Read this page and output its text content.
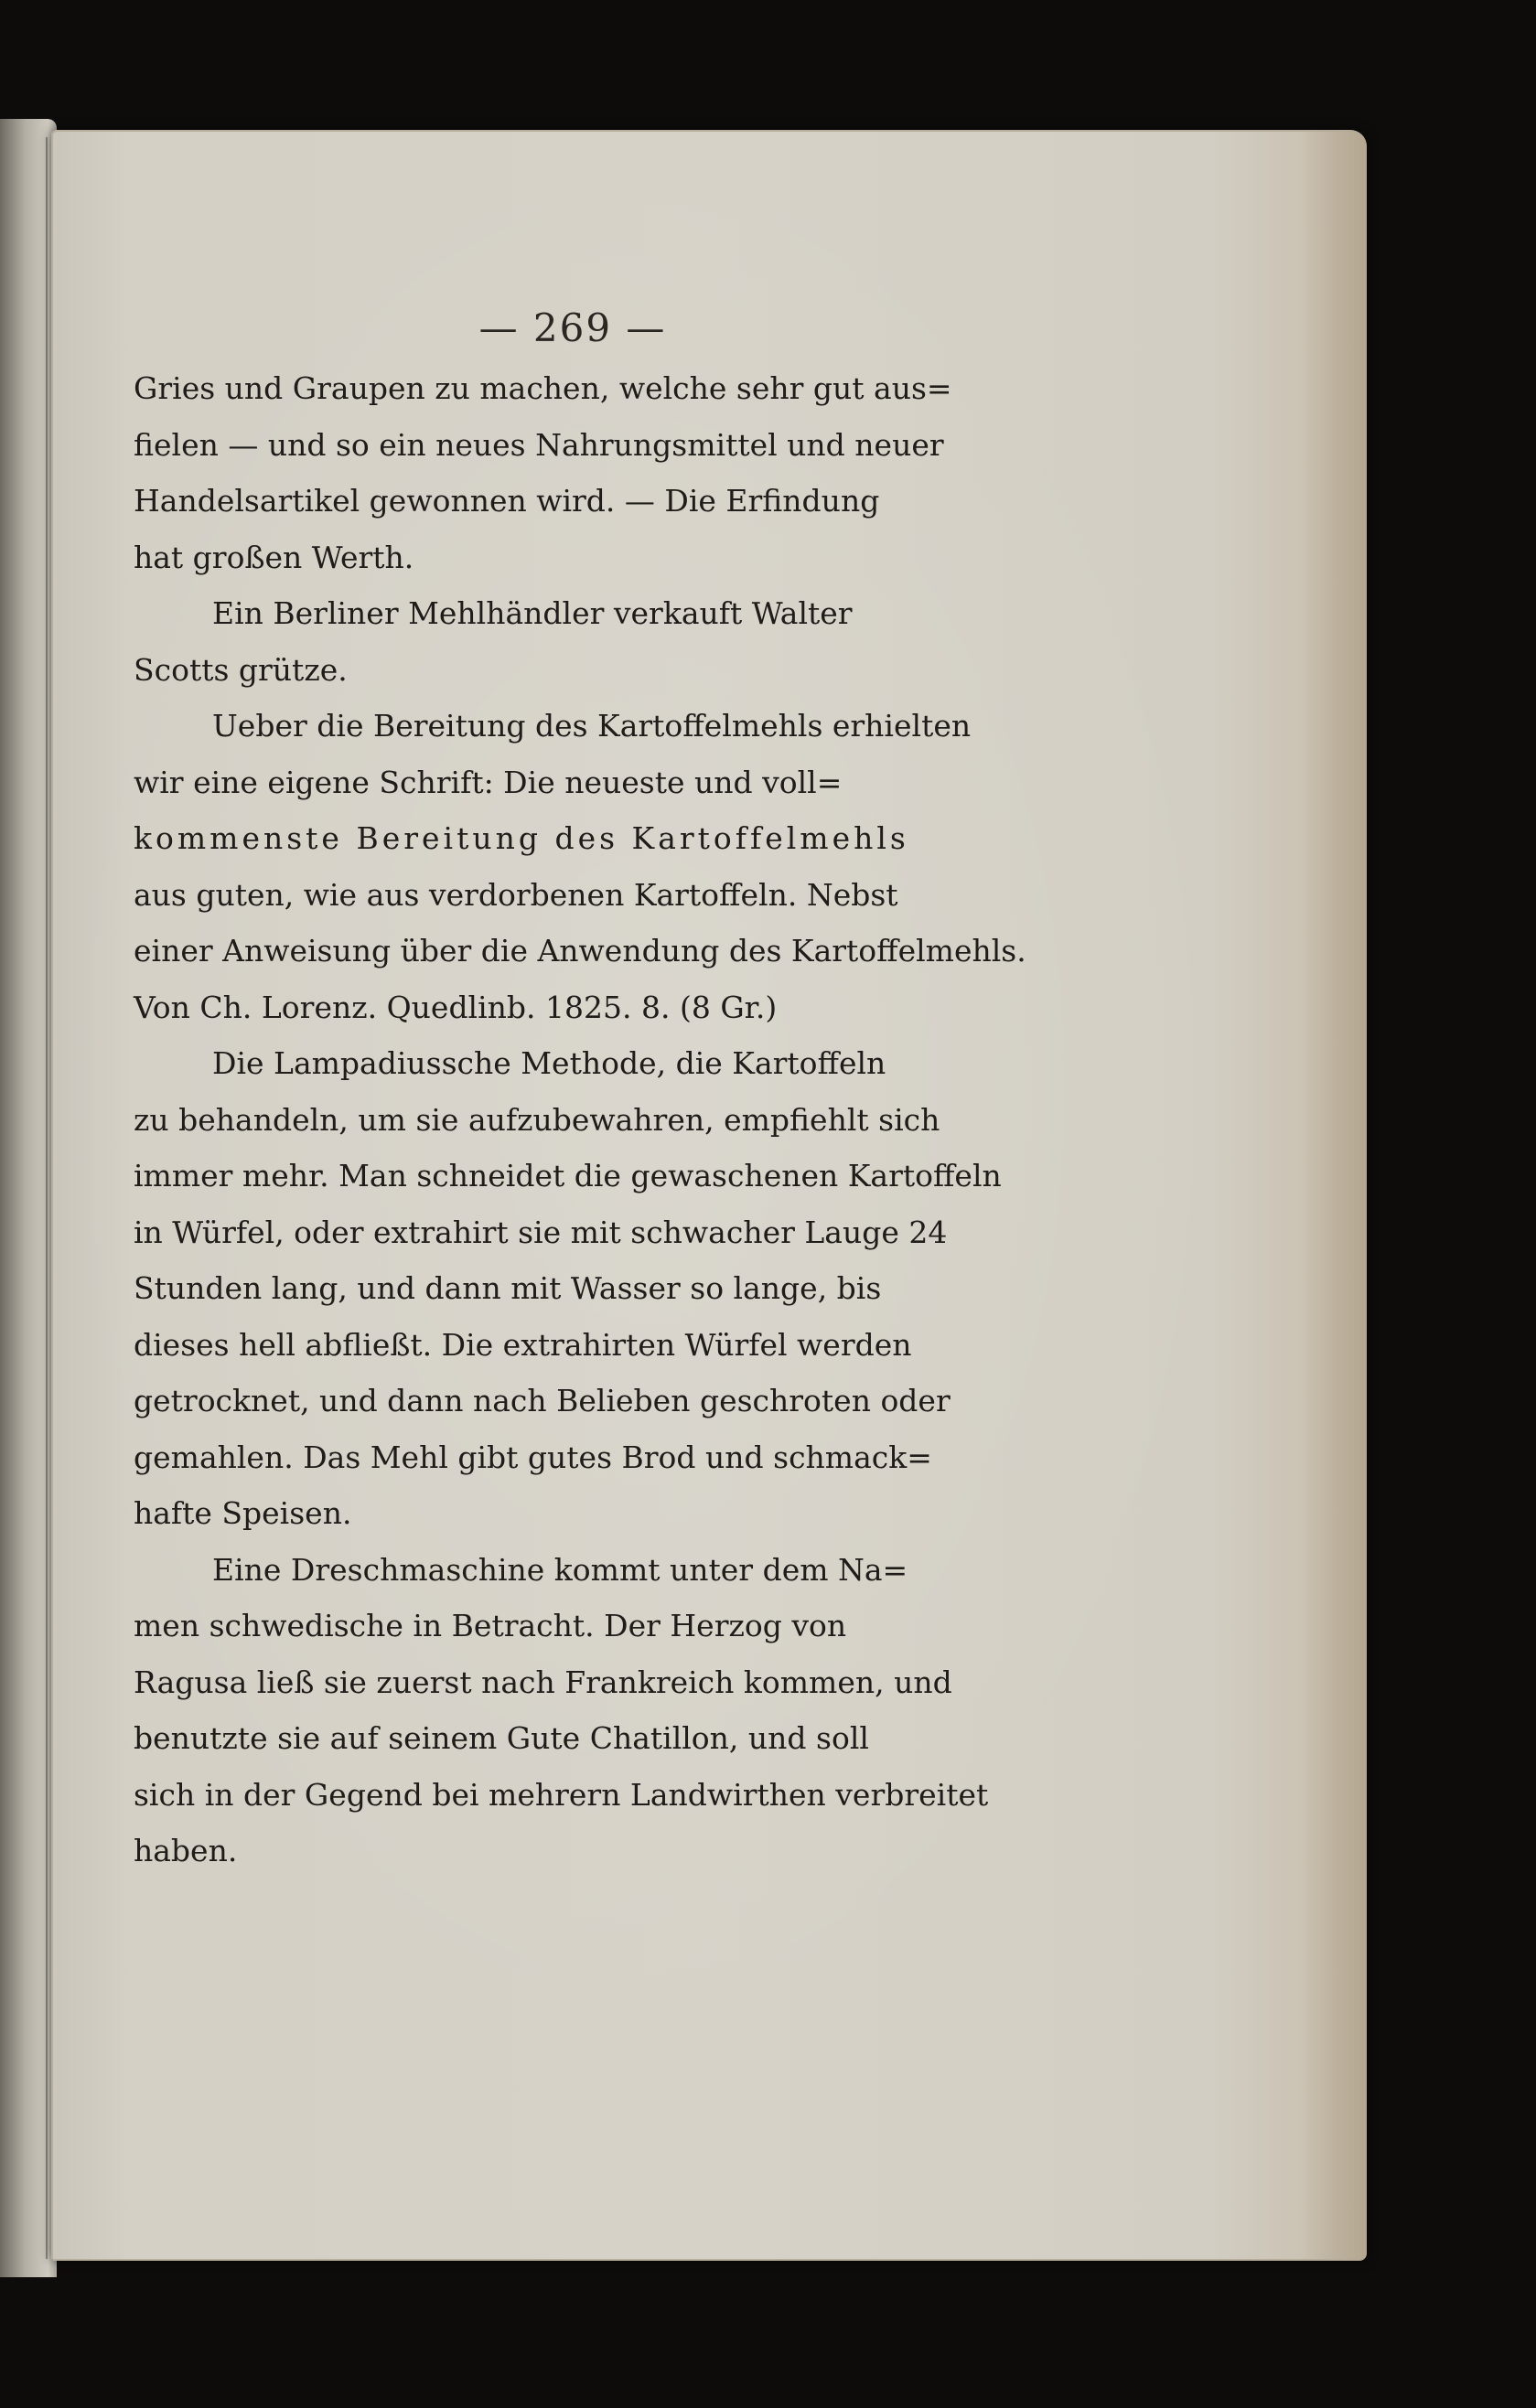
— 269 —

Gries und Graupen zu machen, welche sehr gut aus=
fielen — und so ein neues Nahrungsmittel und neuer
Handelsartikel gewonnen wird. — Die Erfindung
hat großen Werth.

Ein Berliner Mehlhändler verkauft Walter
Scotts grütze.

Ueber die Bereitung des Kartoffelmehls erhielten
wir eine eigene Schrift: Die neueste und voll=
kommenste Bereitung des Kartoffelmehls
aus guten, wie aus verdorbenen Kartoffeln. Nebst
einer Anweisung über die Anwendung des Kartoffelmehls.
Von Ch. Lorenz. Quedlinb. 1825. 8. (8 Gr.)

Die Lampadiussche Methode, die Kartoffeln
zu behandeln, um sie aufzubewahren, empfiehlt sich
immer mehr. Man schneidet die gewaschenen Kartoffeln
in Würfel, oder extrahirt sie mit schwacher Lauge 24
Stunden lang, und dann mit Wasser so lange, bis
dieses hell abfließt. Die extrahirten Würfel werden
getrocknet, und dann nach Belieben geschroten oder
gemahlen. Das Mehl gibt gutes Brod und schmack=
hafte Speisen.

Eine Dreschmaschine kommt unter dem Na=
men schwedische in Betracht. Der Herzog von
Ragusa ließ sie zuerst nach Frankreich kommen, und
benutzte sie auf seinem Gute Chatillon, und soll
sich in der Gegend bei mehrern Landwirthen verbreitet
haben.
